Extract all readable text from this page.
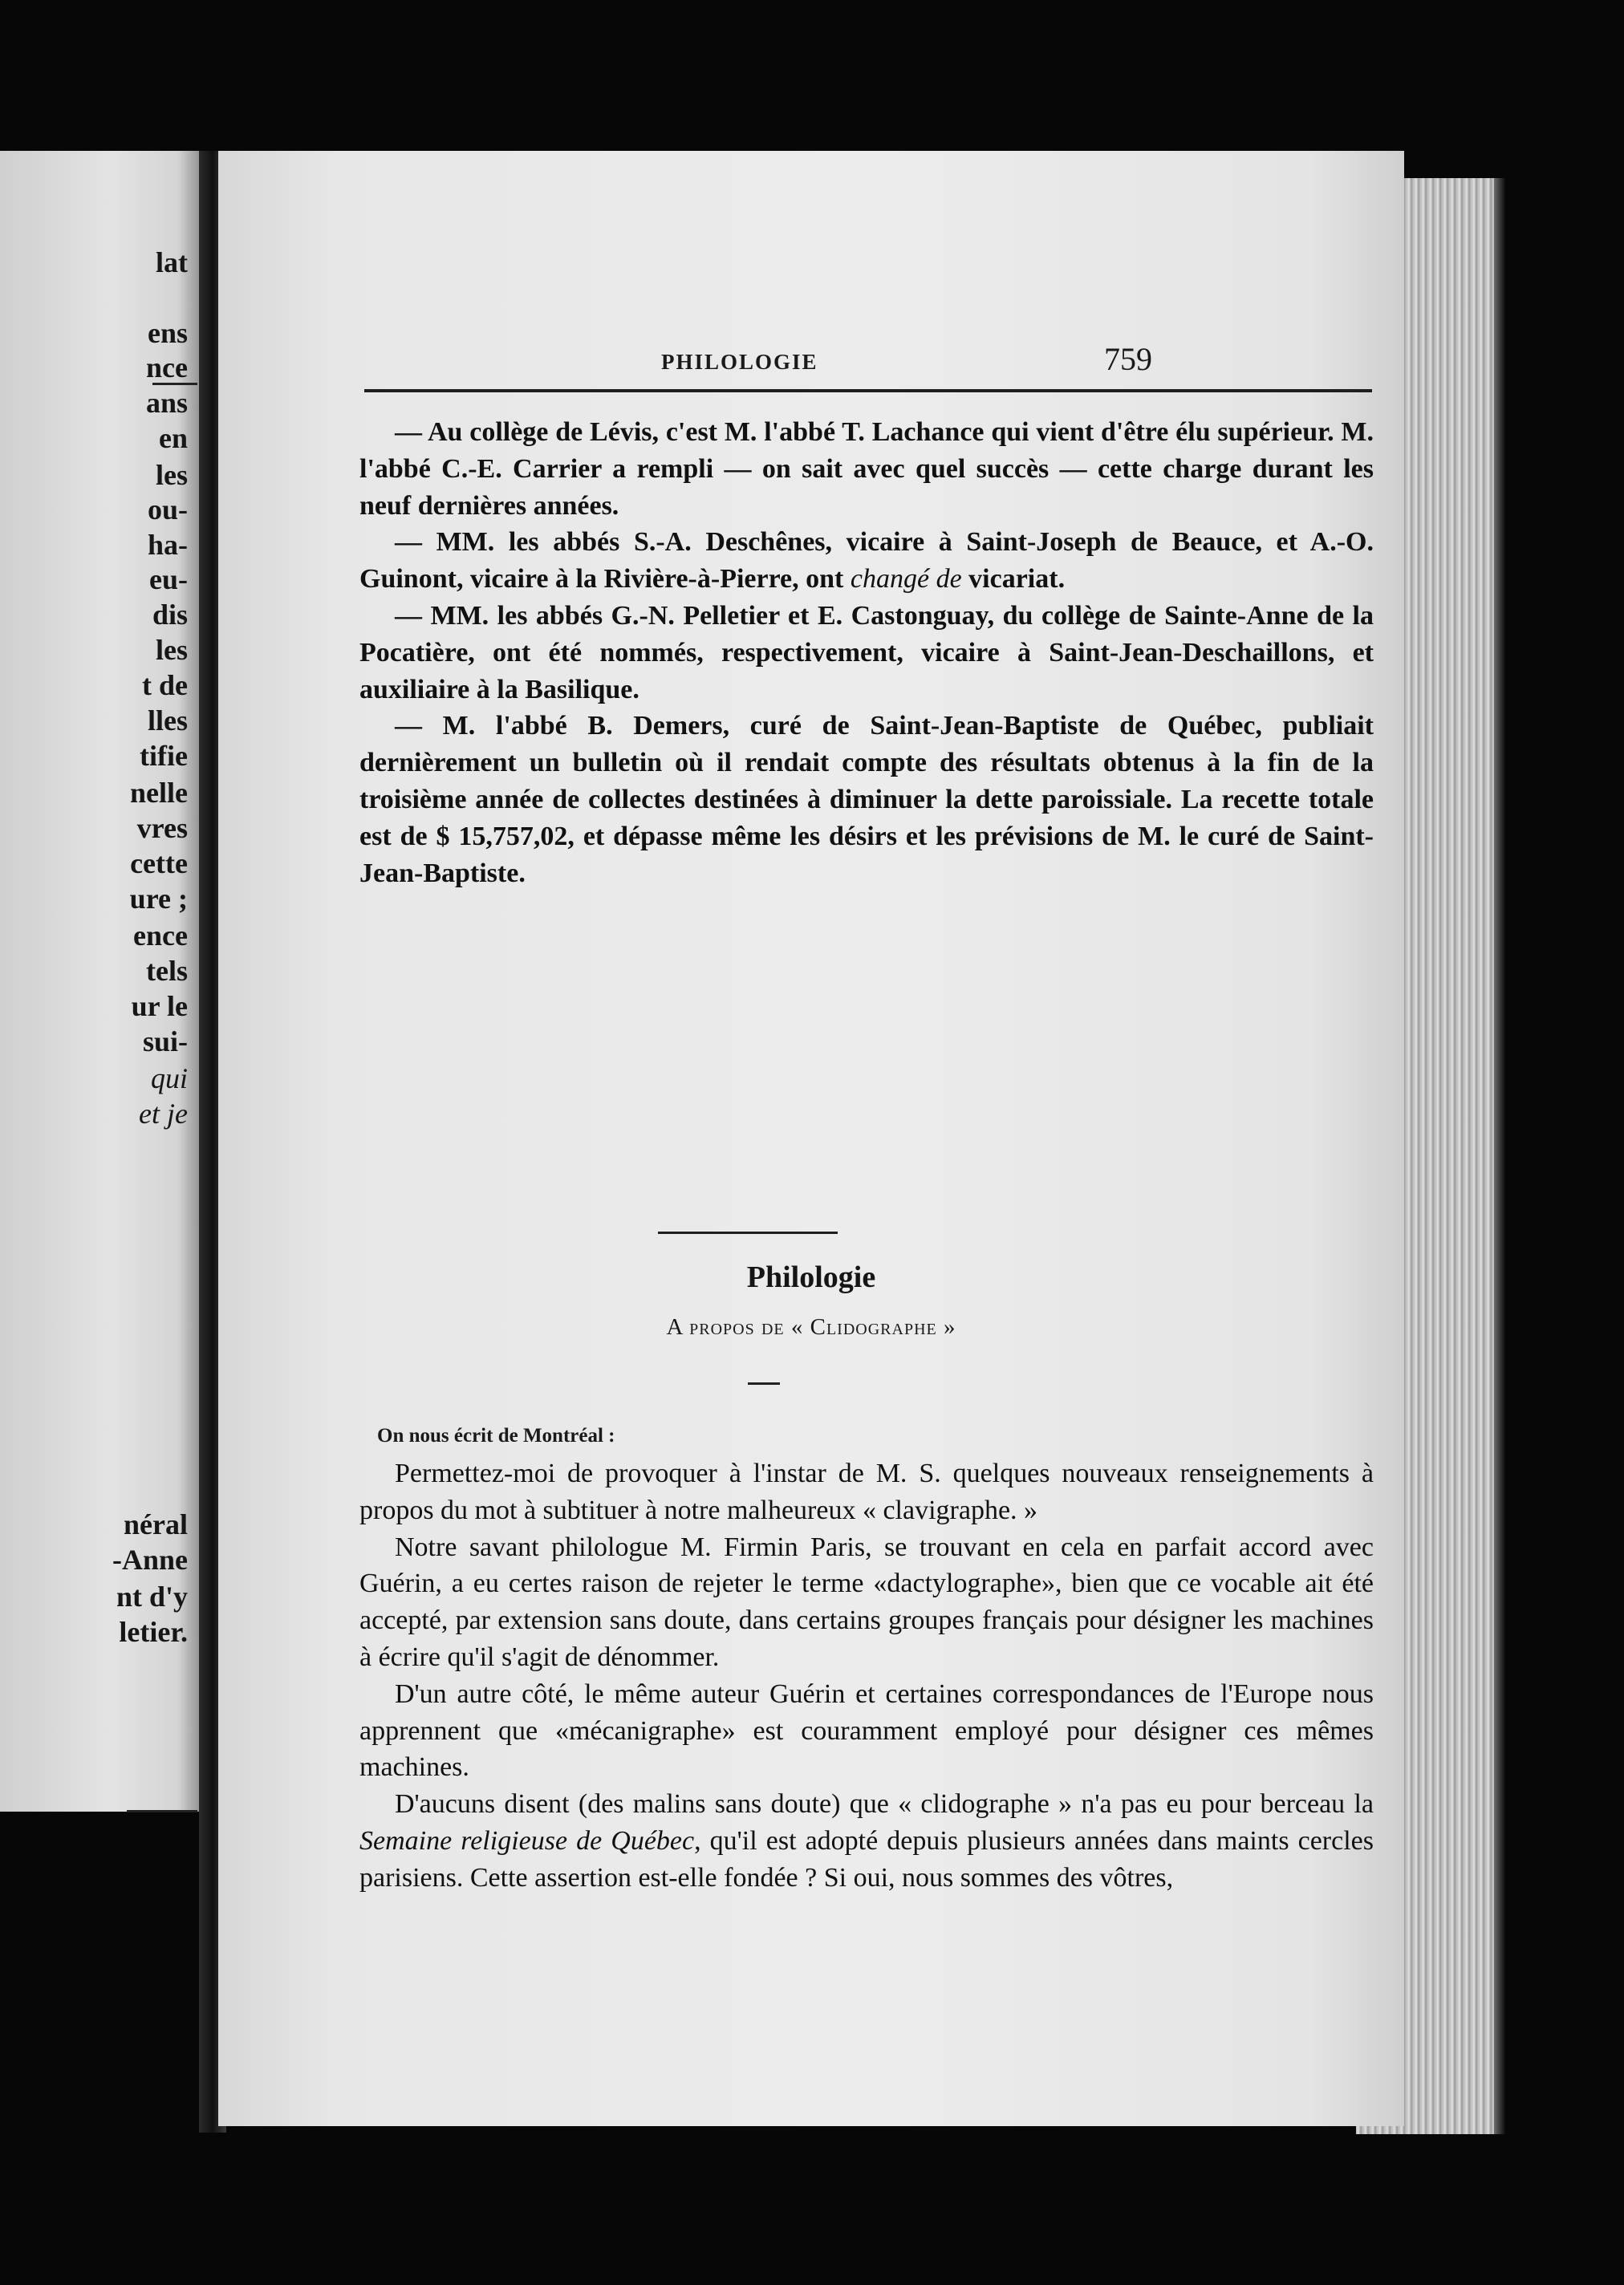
lat
ens
nce
ans
en
les
ou-
ha-
eu-
dis
les
t de
lles
tifie
nelle
vres
cette
ure ;
ence
tels
ur le
sui-
qui
et je
néral
-Anne
nt d'y
letier.
PHILOLOGIE	759

— Au collège de Lévis, c'est M. l'abbé T. Lachance qui vient d'être élu supérieur. M. l'abbé C.-E. Carrier a rempli — on sait avec quel succès — cette charge durant les neuf dernières années.

— MM. les abbés S.-A. Deschênes, vicaire à Saint-Joseph de Beauce, et A.-O. Guinont, vicaire à la Rivière-à-Pierre, ont changé de vicariat.

— MM. les abbés G.-N. Pelletier et E. Castonguay, du collège de Sainte-Anne de la Pocatière, ont été nommés, respectivement, vicaire à Saint-Jean-Deschaillons, et auxiliaire à la Basilique.

— M. l'abbé B. Demers, curé de Saint-Jean-Baptiste de Québec, publiait dernièrement un bulletin où il rendait compte des résultats obtenus à la fin de la troisième année de collectes destinées à diminuer la dette paroissiale. La recette totale est de $ 15,757,02, et dépasse même les désirs et les prévisions de M. le curé de Saint-Jean-Baptiste.

Philologie
A propos de « Clidographe »
On nous écrit de Montréal :

Permettez-moi de provoquer à l'instar de M. S. quelques nouveaux renseignements à propos du mot à subtituer à notre malheureux « clavigraphe. »

Notre savant philologue M. Firmin Paris, se trouvant en cela en parfait accord avec Guérin, a eu certes raison de rejeter le terme «dactylographe», bien que ce vocable ait été accepté, par extension sans doute, dans certains groupes français pour désigner les machines à écrire qu'il s'agit de dénommer.

D'un autre côté, le même auteur Guérin et certaines correspondances de l'Europe nous apprennent que «mécanigraphe» est couramment employé pour désigner ces mêmes machines.

D'aucuns disent (des malins sans doute) que « clidographe » n'a pas eu pour berceau la Semaine religieuse de Québec, qu'il est adopté depuis plusieurs années dans maints cercles parisiens. Cette assertion est-elle fondée ? Si oui, nous sommes des vôtres,
